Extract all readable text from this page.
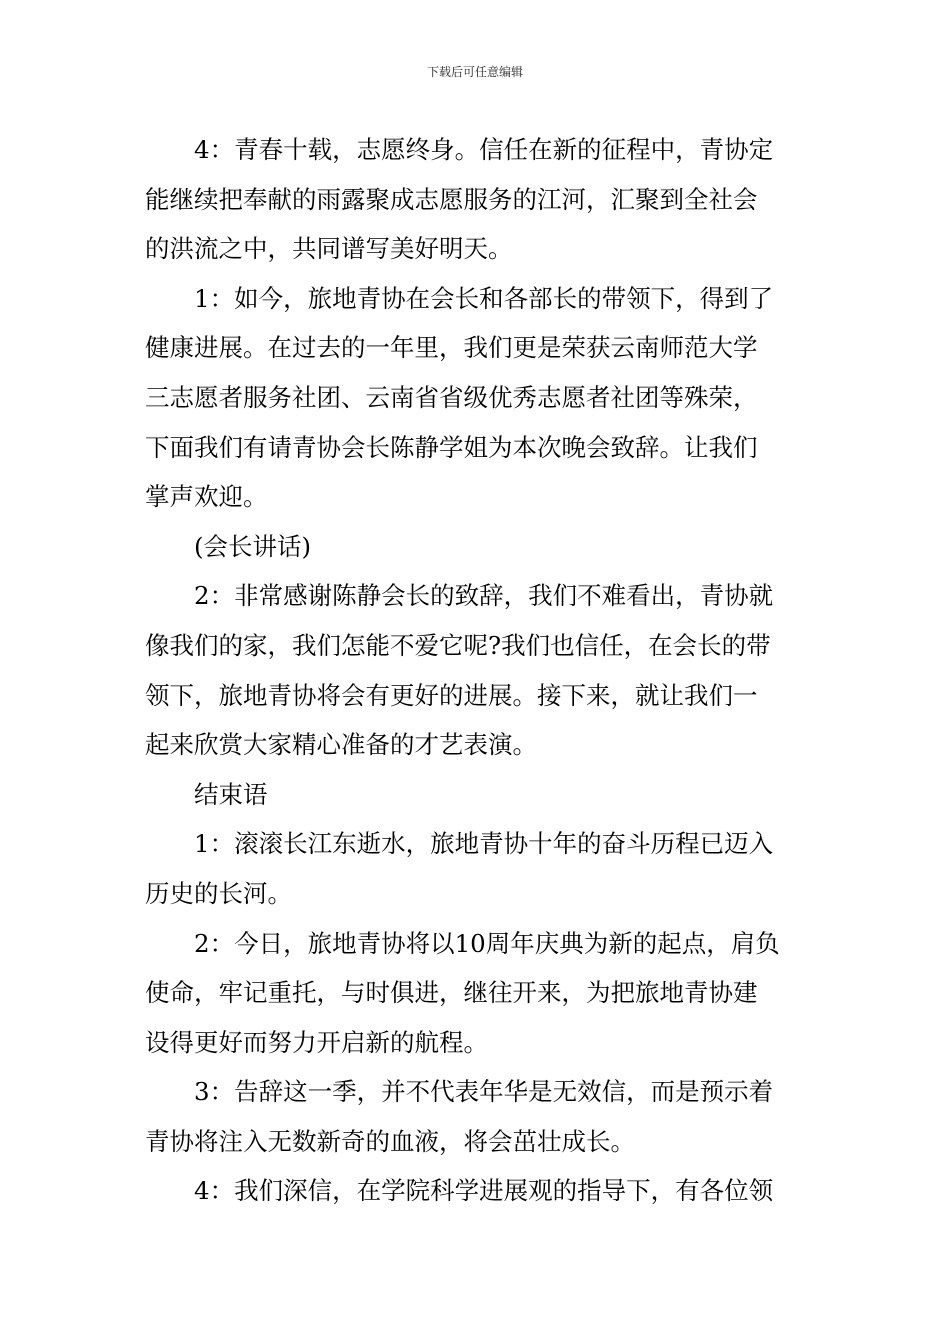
下载后可任意编辑

4：青春十载，志愿终身。信任在新的征程中，青协定
能继续把奉献的雨露聚成志愿服务的江河，汇聚到全社会
的洪流之中，共同谱写美好明天。

1：如今，旅地青协在会长和各部长的带领下，得到了
健康进展。在过去的一年里，我们更是荣获云南师范大学
三志愿者服务社团、云南省省级优秀志愿者社团等殊荣，
下面我们有请青协会长陈静学姐为本次晚会致辞。让我们
掌声欢迎。

(会长讲话)

2：非常感谢陈静会长的致辞，我们不难看出，青协就
像我们的家，我们怎能不爱它呢?我们也信任，在会长的带
领下，旅地青协将会有更好的进展。接下来，就让我们一
起来欣赏大家精心准备的才艺表演。

结束语

1：滚滚长江东逝水，旅地青协十年的奋斗历程已迈入
历史的长河。

2：今日，旅地青协将以10周年庆典为新的起点，肩负
使命，牢记重托，与时俱进，继往开来，为把旅地青协建
设得更好而努力开启新的航程。

3：告辞这一季，并不代表年华是无效信，而是预示着
青协将注入无数新奇的血液，将会茁壮成长。

4：我们深信，在学院科学进展观的指导下，有各位领
